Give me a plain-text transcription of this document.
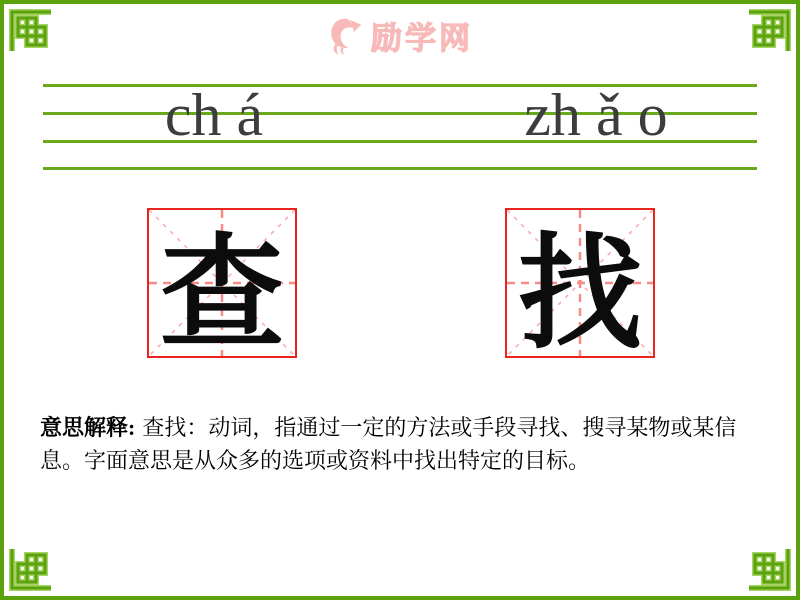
励学网
ch á	zh ǎ o
查 找
意思解释: 查找：动词，指通过一定的方法或手段寻找、搜寻某物或某信息。字面意思是从众多的选项或资料中找出特定的目标。
